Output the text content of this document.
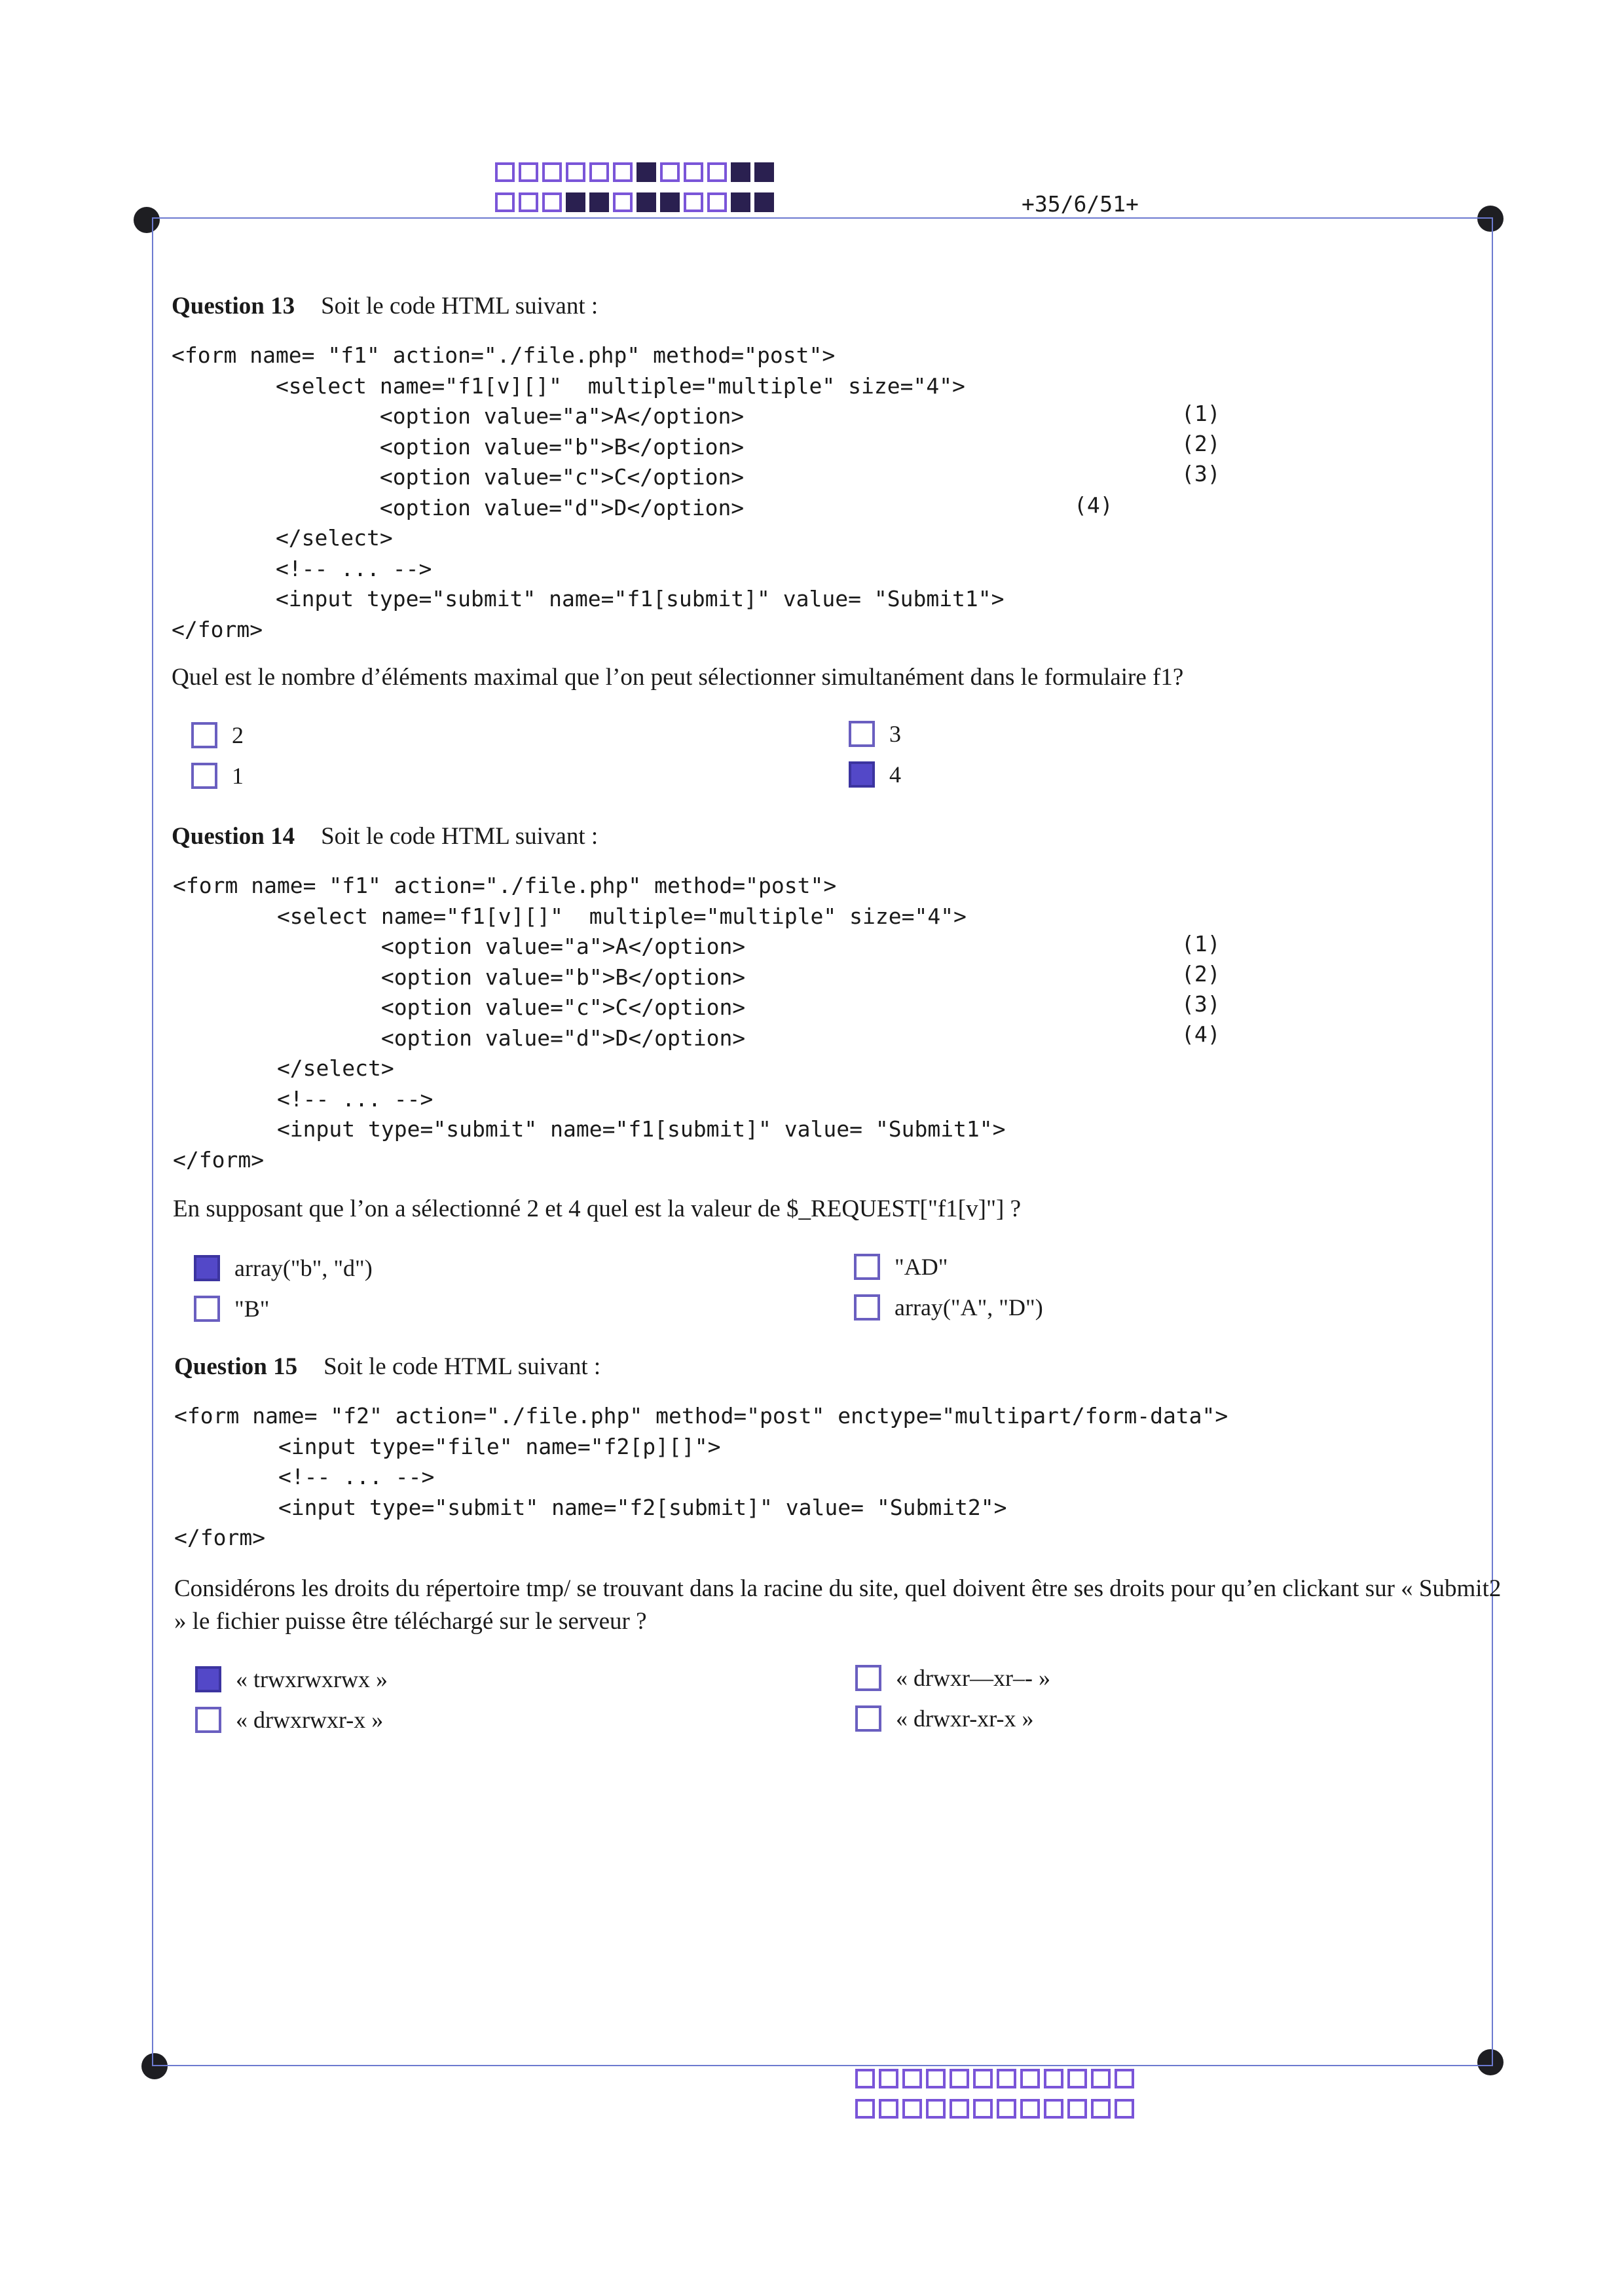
+35/6/51+
Question 13 Soit le code HTML suivant :
<form name= "f1" action="./file.php" method="post">
<select name="f1[v][]"  multiple="multiple" size="4">
<option value="a">A</option>
<option value="b">B</option>
<option value="c">C</option>
<option value="d">D</option>
</select>
<!-- ... -->
<input type="submit" name="f1[submit]" value= "Submit1">
</form>
(1)
(2)
(3)
(4)
Quel est le nombre d’éléments maximal que l’on peut sélectionner simultanément dans le formulaire f1?
2	3
1	4
Question 14 Soit le code HTML suivant :
<form name= "f1" action="./file.php" method="post">
<select name="f1[v][]"  multiple="multiple" size="4">
<option value="a">A</option>
<option value="b">B</option>
<option value="c">C</option>
<option value="d">D</option>
</select>
<!-- ... -->
<input type="submit" name="f1[submit]" value= "Submit1">
</form>
(1)
(2)
(3)
(4)
En supposant que l’on a sélectionné 2 et 4 quel est la valeur de $_REQUEST["f1[v]"] ?
array("b", "d")	"AD"
"B"	array("A", "D")
Question 15 Soit le code HTML suivant :
<form name= "f2" action="./file.php" method="post" enctype="multipart/form-data">
<input type="file" name="f2[p][]">
<!-- ... -->
<input type="submit" name="f2[submit]" value= "Submit2">
</form>
Considérons les droits du répertoire tmp/ se trouvant dans la racine du site, quel doivent être ses droits pour qu’en clickant sur « Submit2 » le fichier puisse être téléchargé sur le serveur ?
« trwxrwxrwx »	« drwxr—xr–- »
« drwxrwxr-x »	« drwxr-xr-x »
